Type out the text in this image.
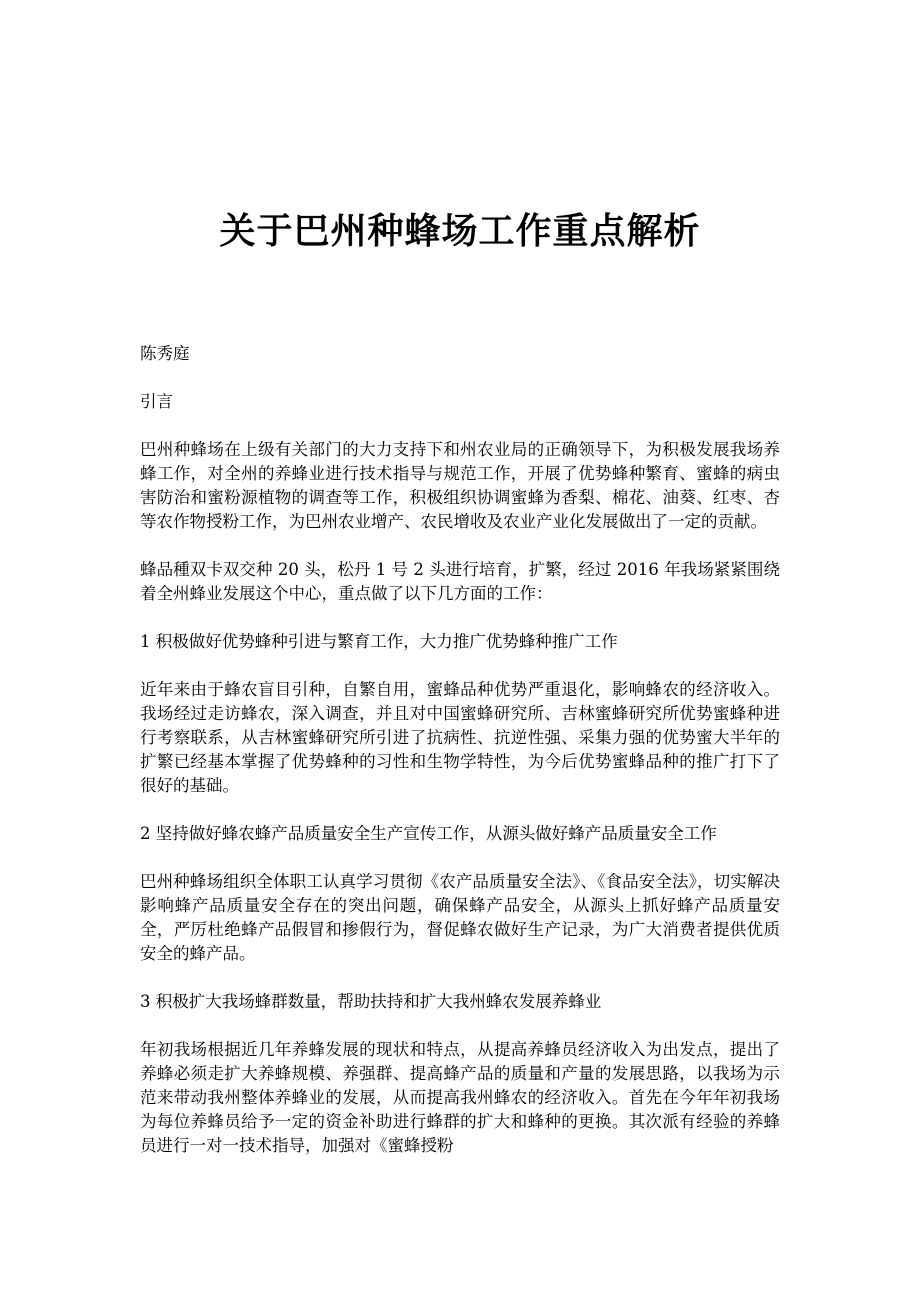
关于巴州种蜂场工作重点解析

陈秀庭

引言

巴州种蜂场在上级有关部门的大力支持下和州农业局的正确领导下，为积极发展我场养蜂工作，对全州的养蜂业进行技术指导与规范工作，开展了优势蜂种繁育、蜜蜂的病虫害防治和蜜粉源植物的调查等工作，积极组织协调蜜蜂为香梨、棉花、油葵、红枣、杏等农作物授粉工作，为巴州农业增产、农民增收及农业产业化发展做出了一定的贡献。

蜂品種双卡双交种 20 头，松丹 1 号 2 头进行培育，扩繁，经过 2016 年我场紧紧围绕着全州蜂业发展这个中心，重点做了以下几方面的工作：

1 积极做好优势蜂种引进与繁育工作，大力推广优势蜂种推广工作

近年来由于蜂农盲目引种，自繁自用，蜜蜂品种优势严重退化，影响蜂农的经济收入。我场经过走访蜂农，深入调查，并且对中国蜜蜂研究所、吉林蜜蜂研究所优势蜜蜂种进行考察联系，从吉林蜜蜂研究所引进了抗病性、抗逆性强、采集力强的优势蜜大半年的扩繁已经基本掌握了优势蜂种的习性和生物学特性，为今后优势蜜蜂品种的推广打下了很好的基础。

2 坚持做好蜂农蜂产品质量安全生产宣传工作，从源头做好蜂产品质量安全工作

巴州种蜂场组织全体职工认真学习贯彻《农产品质量安全法》、《食品安全法》，切实解决影响蜂产品质量安全存在的突出问题，确保蜂产品安全，从源头上抓好蜂产品质量安全，严厉杜绝蜂产品假冒和掺假行为，督促蜂农做好生产记录，为广大消费者提供优质安全的蜂产品。

3 积极扩大我场蜂群数量，帮助扶持和扩大我州蜂农发展养蜂业

年初我场根据近几年养蜂发展的现状和特点，从提高养蜂员经济收入为出发点，提出了养蜂必须走扩大养蜂规模、养强群、提高蜂产品的质量和产量的发展思路，以我场为示范来带动我州整体养蜂业的发展，从而提高我州蜂农的经济收入。首先在今年年初我场为每位养蜂员给予一定的资金补助进行蜂群的扩大和蜂种的更换。其次派有经验的养蜂员进行一对一技术指导，加强对《蜜蜂授粉
